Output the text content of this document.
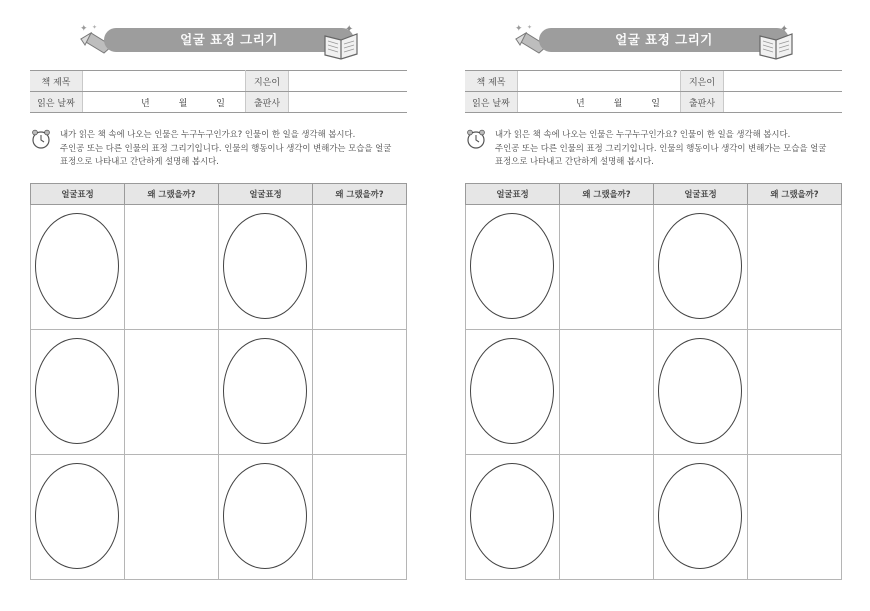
✦ ✦
얼굴 표정 그리기
✦
책 제목		지은이	
읽은 날짜	년 월 일	출판사	
내가 읽은 책 속에 나오는 인물은 누구누구인가요? 인물이 한 일을 생각해 봅시다.
주인공 또는 다른 인물의 표정 그리기입니다. 인물의 행동이나 생각이 변해가는 모습을 얼굴
표정으로 나타내고 간단하게 설명해 봅시다.
얼굴표정	왜 그랬을까?	얼굴표정	왜 그랬을까?

✦ ✦
얼굴 표정 그리기
✦
책 제목		지은이	
읽은 날짜	년 월 일	출판사	
내가 읽은 책 속에 나오는 인물은 누구누구인가요? 인물이 한 일을 생각해 봅시다.
주인공 또는 다른 인물의 표정 그리기입니다. 인물의 행동이나 생각이 변해가는 모습을 얼굴
표정으로 나타내고 간단하게 설명해 봅시다.
얼굴표정	왜 그랬을까?	얼굴표정	왜 그랬을까?
